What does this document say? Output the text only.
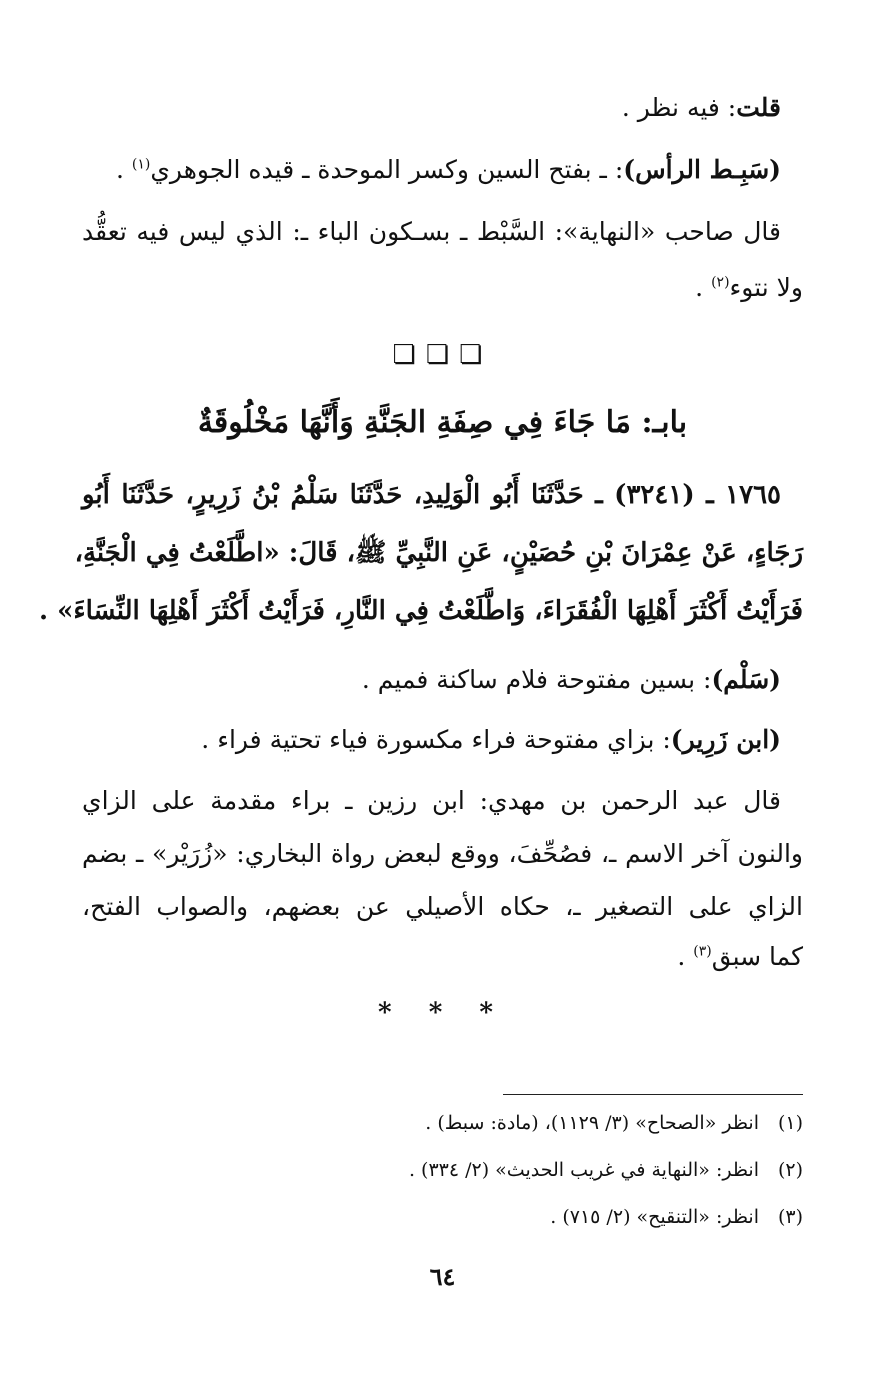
قلت: فيه نظر .
(سَبِـط الرأس): ـ بفتح السين وكسر الموحدة ـ قيده الجوهري$^{(١)}$ .
قال صاحب «النهاية»: السَّبْط ـ بسـكون الباء ـ: الذي ليس فيه تعقُّد
ولا نتوء$^{(٢)}$ .
❏❏❏
بابـ: مَا جَاءَ فِي صِفَةِ الجَنَّةِ وَأَنَّهَا مَخْلُوقَةٌ
١٧٦٥ ـ (٣٢٤١) ـ حَدَّثَنَا أَبُو الْوَلِيدِ، حَدَّثَنَا سَلْمُ بْنُ زَرِيرٍ، حَدَّثَنَا أَبُو
رَجَاءٍ، عَنْ عِمْرَانَ بْنِ حُصَيْنٍ، عَنِ النَّبِيِّ ﷺ، قَالَ: «اطَّلَعْتُ فِي الْجَنَّةِ،
فَرَأَيْتُ أَكْثَرَ أَهْلِهَا الْفُقَرَاءَ، وَاطَّلَعْتُ فِي النَّارِ، فَرَأَيْتُ أَكْثَرَ أَهْلِهَا النِّسَاءَ» .
(سَلْم): بسين مفتوحة فلام ساكنة فميم .
(ابن زَرِير): بزاي مفتوحة فراء مكسورة فياء تحتية فراء .
قال عبد الرحمن بن مهدي: ابن رزين ـ براء مقدمة على الزاي
والنون آخر الاسم ـ، فصُحِّفَ، ووقع لبعض رواة البخاري: «زُرَيْر» ـ بضم
الزاي على التصغير ـ، حكاه الأصيلي عن بعضهم، والصواب الفتح،
كما سبق$^{(٣)}$ .
* * *
(١)انظر «الصحاح» (٣/ ١١٢٩)، (مادة: سبط) .
(٢)انظر: «النهاية في غريب الحديث» (٢/ ٣٣٤) .
(٣)انظر: «التنقيح» (٢/ ٧١٥) .
٦٤
